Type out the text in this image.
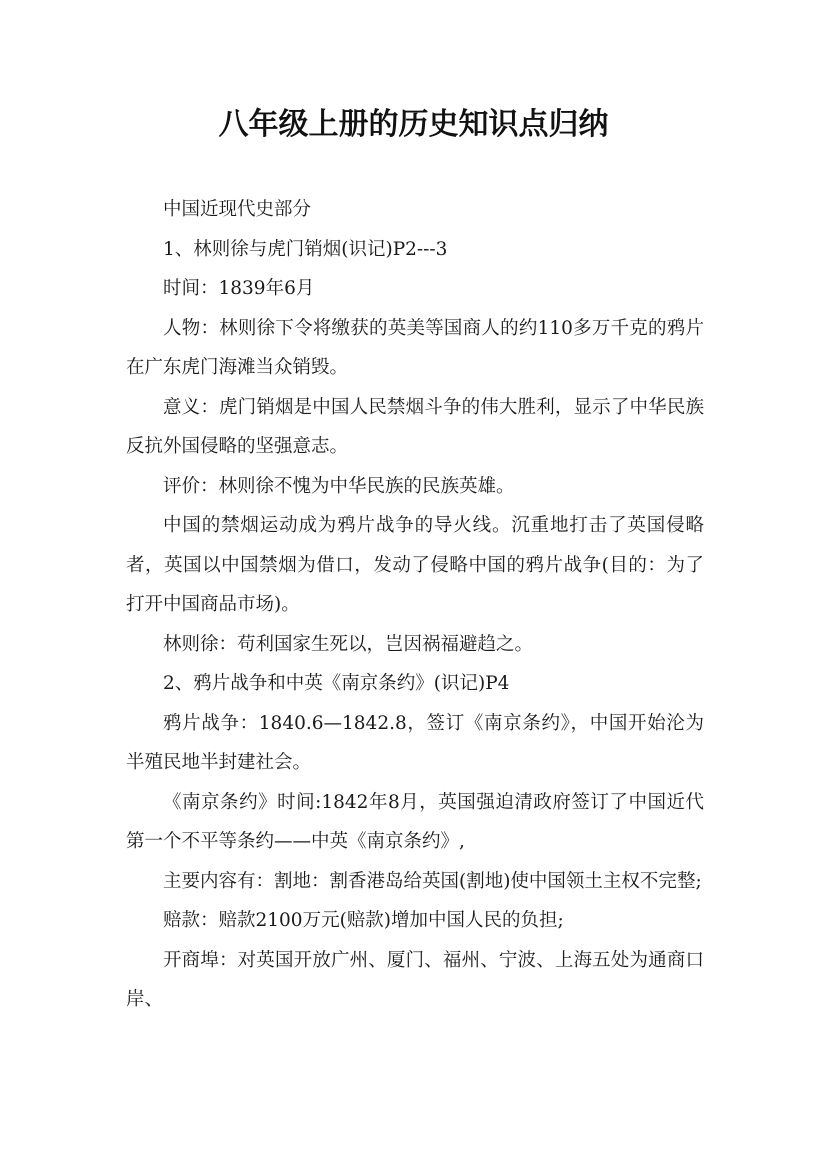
八年级上册的历史知识点归纳

中国近现代史部分

1、林则徐与虎门销烟(识记)P2---3

时间：1839年6月

人物：林则徐下令将缴获的英美等国商人的约110多万千克的鸦片在广东虎门海滩当众销毁。

意义：虎门销烟是中国人民禁烟斗争的伟大胜利，显示了中华民族反抗外国侵略的坚强意志。

评价：林则徐不愧为中华民族的民族英雄。

中国的禁烟运动成为鸦片战争的导火线。沉重地打击了英国侵略者，英国以中国禁烟为借口，发动了侵略中国的鸦片战争(目的：为了打开中国商品市场)。

林则徐：苟利国家生死以，岂因祸福避趋之。

2、鸦片战争和中英《南京条约》(识记)P4

鸦片战争：1840.6—1842.8，签订《南京条约》，中国开始沦为半殖民地半封建社会。

《南京条约》时间:1842年8月，英国强迫清政府签订了中国近代第一个不平等条约——中英《南京条约》,

主要内容有：割地：割香港岛给英国(割地)使中国领土主权不完整;

赔款：赔款2100万元(赔款)增加中国人民的负担;

开商埠：对英国开放广州、厦门、福州、宁波、上海五处为通商口岸、
